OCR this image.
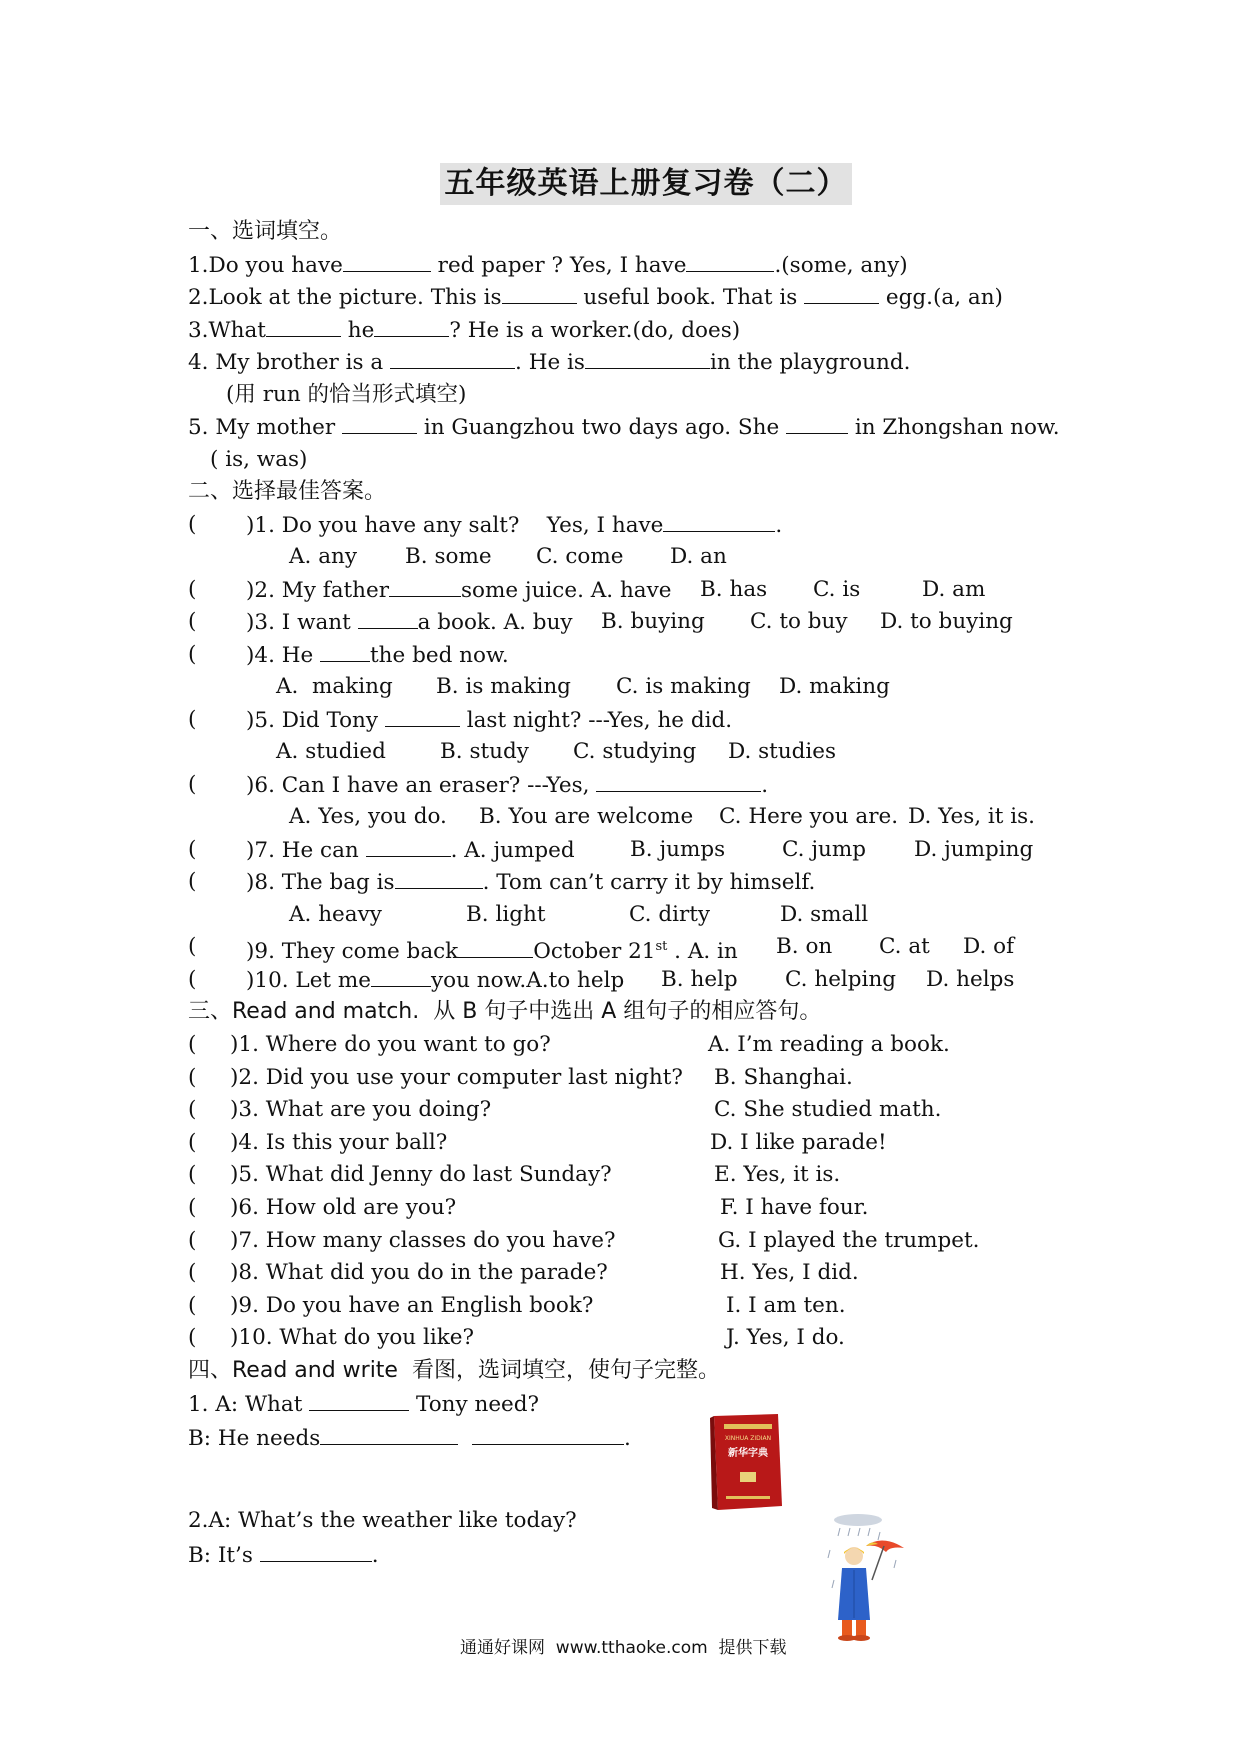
五年级英语上册复习卷（二）
一、选词填空。
1.Do you have	red paper ? Yes, I have	.(some, any)
2.Look at the picture. This is	useful book. That is	egg.(a, an)
3.What	he	? He is a worker.(do, does)
4. My brother is a	. He is	in the playground.
(用 run 的恰当形式填空)
5. My mother	in Guangzhou two days ago. She	in Zhongshan now.
( is, was)
二、选择最佳答案。
( )1. Do you have any salt?    Yes, I have	.
A. any B. some C. come D. an
( )2. My father	some juice. A. have B. has C. is	D. am
( )3. I want	a book. A. buy B. buying C. to buy D. to buying
( )4. He the bed now.
A.  making B. is making C. is making D. making
( )5. Did Tony	last night? ---Yes, he did.
A. studied	B. study C. studying D. studies
( )6. Can I have an eraser? ---Yes,	.
A. Yes, you do. B. You are welcome C. Here you are. D. Yes, it is.
( )7. He can	. A. jumped	B. jumps	C. jump D. jumping
( )8. The bag is	. Tom can’t carry it by himself.
A. heavy	B. light	C. dirty	D. small
( )9. They come back	October 21st . A. in B. on C. at D. of
( )10. Let me	you now.A.to help B. help C. helping D. helps
三、Read and match.  从 B 句子中选出 A 组句子的相应答句。
( )1. Where do you want to go?	A. I’m reading a book.
( )2. Did you use your computer last night? B. Shanghai.
( )3. What are you doing?	C. She studied math.
( )4. Is this your ball?	D. I like parade!
( )5. What did Jenny do last Sunday?	E. Yes, it is.
( )6. How old are you?	F. I have four.
( )7. How many classes do you have?	G. I played the trumpet.
( )8. What did you do in the parade?	H. Yes, I did.
( )9. Do you have an English book?	I. I am ten.
( )10. What do you like?	J. Yes, I do.
四、Read and write  看图，选词填空，使句子完整。
1. A: What	Tony need?
B: He needs	.	XINHUA ZIDIAN
新华字典
2.A: What’s the weather like today?
B: It’s	.
通通好课网  www.tthaoke.com  提供下载
